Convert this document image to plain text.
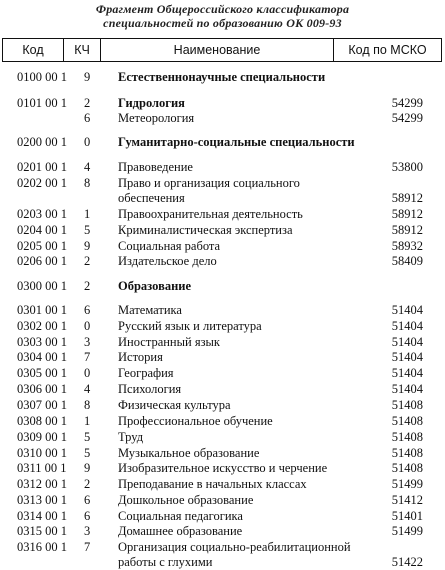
Фрагмент Общероссийского классификатора
специальностей по образованию ОК 009-93
Код	КЧ	Наименование	Код по МСКО
0100 00 1 9 Естественнонаучные специальности
0101 00 1 2 Гидрология	54299
6 Метеорология	54299
0200 00 1 0 Гуманитарно-социальные специальности
0201 00 1 4 Правоведение	53800
0202 00 1 8 Право и организация социального
обеспечения	58912
0203 00 1 1 Правоохранительная деятельность	58912
0204 00 1 5 Криминалистическая экспертиза	58912
0205 00 1 9 Социальная работа	58932
0206 00 1 2 Издательское дело	58409
0300 00 1 2 Образование
0301 00 1 6 Математика	51404
0302 00 1 0 Русский язык и литература	51404
0303 00 1 3 Иностранный язык	51404
0304 00 1 7 История	51404
0305 00 1 0 География	51404
0306 00 1 4 Психология	51404
0307 00 1 8 Физическая культура	51408
0308 00 1 1 Профессиональное обучение	51408
0309 00 1 5 Труд	51408
0310 00 1 5 Музыкальное образование	51408
0311 00 1 9 Изобразительное искусство и черчение	51408
0312 00 1 2 Преподавание в начальных классах	51499
0313 00 1 6 Дошкольное образование	51412
0314 00 1 6 Социальная педагогика	51401
0315 00 1 3 Домашнее образование	51499
0316 00 1 7 Организация социально-реабилитационной
работы с глухими	51422
